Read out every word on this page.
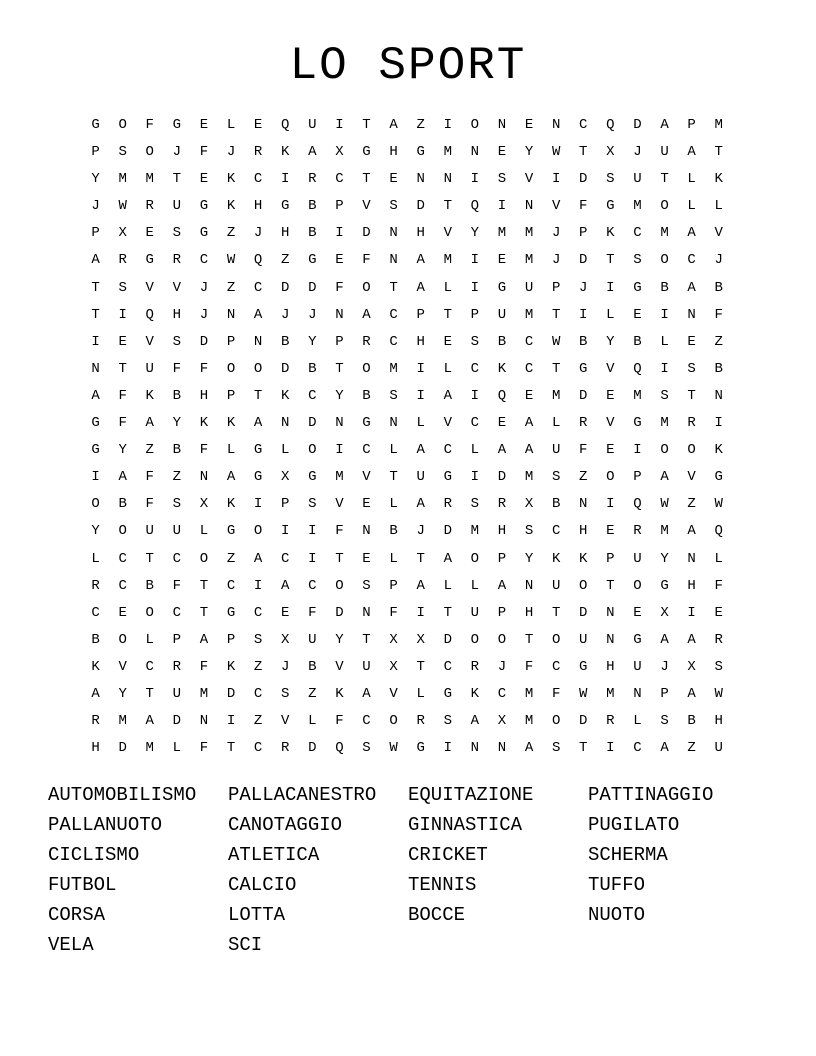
LO SPORT
G	O	F	G	E	L	E	Q	U	I	T	A	Z	I	O	N	E	N	C	Q	D	A	P	M
P	S	O	J	F	J	R	K	A	X	G	H	G	M	N	E	Y	W	T	X	J	U	A	T
Y	M	M	T	E	K	C	I	R	C	T	E	N	N	I	S	V	I	D	S	U	T	L	K
J	W	R	U	G	K	H	G	B	P	V	S	D	T	Q	I	N	V	F	G	M	O	L	L
P	X	E	S	G	Z	J	H	B	I	D	N	H	V	Y	M	M	J	P	K	C	M	A	V
A	R	G	R	C	W	Q	Z	G	E	F	N	A	M	I	E	M	J	D	T	S	O	C	J
T	S	V	V	J	Z	C	D	D	F	O	T	A	L	I	G	U	P	J	I	G	B	A	B
T	I	Q	H	J	N	A	J	J	N	A	C	P	T	P	U	M	T	I	L	E	I	N	F
I	E	V	S	D	P	N	B	Y	P	R	C	H	E	S	B	C	W	B	Y	B	L	E	Z
N	T	U	F	F	O	O	D	B	T	O	M	I	L	C	K	C	T	G	V	Q	I	S	B
A	F	K	B	H	P	T	K	C	Y	B	S	I	A	I	Q	E	M	D	E	M	S	T	N
G	F	A	Y	K	K	A	N	D	N	G	N	L	V	C	E	A	L	R	V	G	M	R	I
G	Y	Z	B	F	L	G	L	O	I	C	L	A	C	L	A	A	U	F	E	I	O	O	K
I	A	F	Z	N	A	G	X	G	M	V	T	U	G	I	D	M	S	Z	O	P	A	V	G
O	B	F	S	X	K	I	P	S	V	E	L	A	R	S	R	X	B	N	I	Q	W	Z	W
Y	O	U	U	L	G	O	I	I	F	N	B	J	D	M	H	S	C	H	E	R	M	A	Q
L	C	T	C	O	Z	A	C	I	T	E	L	T	A	O	P	Y	K	K	P	U	Y	N	L
R	C	B	F	T	C	I	A	C	O	S	P	A	L	L	A	N	U	O	T	O	G	H	F
C	E	O	C	T	G	C	E	F	D	N	F	I	T	U	P	H	T	D	N	E	X	I	E
B	O	L	P	A	P	S	X	U	Y	T	X	X	D	O	O	T	O	U	N	G	A	A	R
K	V	C	R	F	K	Z	J	B	V	U	X	T	C	R	J	F	C	G	H	U	J	X	S
A	Y	T	U	M	D	C	S	Z	K	A	V	L	G	K	C	M	F	W	M	N	P	A	W
R	M	A	D	N	I	Z	V	L	F	C	O	R	S	A	X	M	O	D	R	L	S	B	H
H	D	M	L	F	T	C	R	D	Q	S	W	G	I	N	N	A	S	T	I	C	A	Z	U
AUTOMOBILISMO	PALLACANESTRO	EQUITAZIONE	PATTINAGGIO
PALLANUOTO	CANOTAGGIO	GINNASTICA	PUGILATO
CICLISMO	ATLETICA	CRICKET	SCHERMA
FUTBOL	CALCIO	TENNIS	TUFFO
CORSA	LOTTA	BOCCE	NUOTO
VELA	SCI
